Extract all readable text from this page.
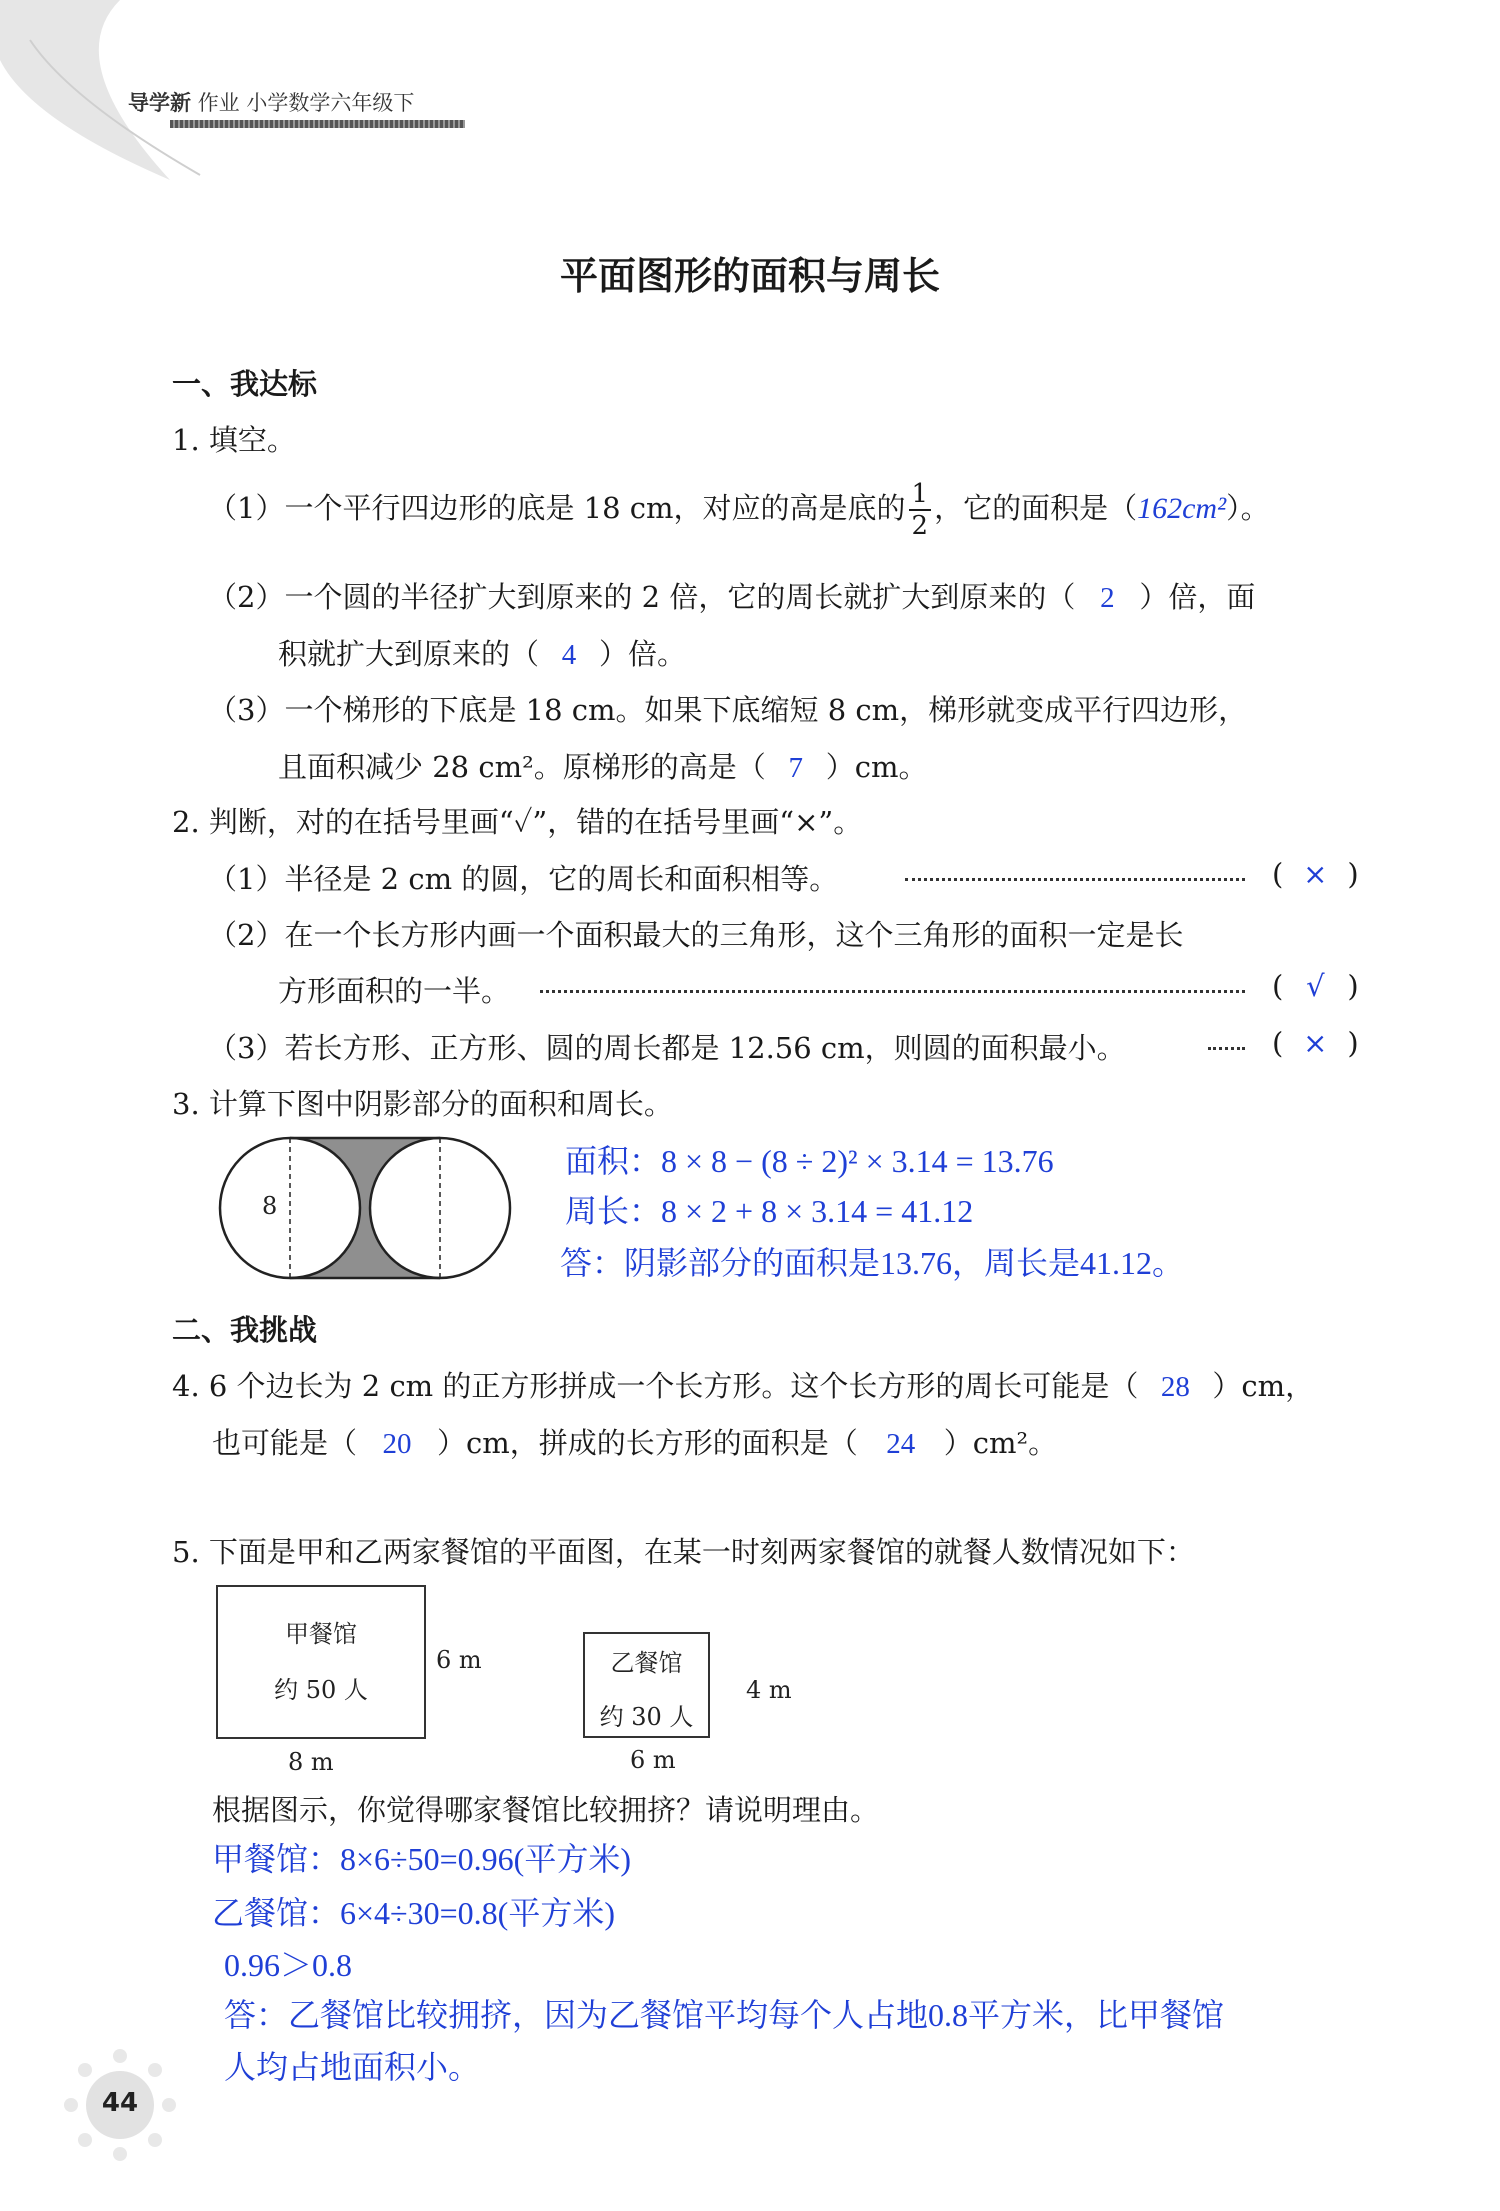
导学新 作业 小学数学六年级下
平面图形的面积与周长
一、我达标
1. 填空。
（1）一个平行四边形的底是 18 cm，对应的高是底的 $\frac{1}{2}$ ，它的面积是（162cm²）。
（2）一个圆的半径扩大到原来的 2 倍，它的周长就扩大到原来的（ 2 ）倍，面
积就扩大到原来的（ 4 ）倍。
（3）一个梯形的下底是 18 cm。如果下底缩短 8 cm，梯形就变成平行四边形，
且面积减少 28 cm²。原梯形的高是（ 7 ）cm。
2. 判断，对的在括号里画“✓”，错的在括号里画“×”。
（1）半径是 2 cm 的圆，它的周长和面积相等。	( × )
（2）在一个长方形内画一个面积最大的三角形，这个三角形的面积一定是长
方形面积的一半。	( √ )
（3）若长方形、正方形、圆的周长都是 12.56 cm，则圆的面积最小。	( × )
3. 计算下图中阴影部分的面积和周长。
8
面积：8 × 8 − (8 ÷ 2)² × 3.14 = 13.76
周长：8 × 2 + 8 × 3.14 = 41.12
答：阴影部分的面积是13.76，周长是41.12。
二、我挑战
4. 6 个边长为 2 cm 的正方形拼成一个长方形。这个长方形的周长可能是（ 28 ）cm，
也可能是（ 20 ）cm，拼成的长方形的面积是（ 24 ）cm²。
5. 下面是甲和乙两家餐馆的平面图，在某一时刻两家餐馆的就餐人数情况如下：
甲餐馆
约 50 人
6 m
8 m
乙餐馆
约 30 人
4 m
6 m
根据图示，你觉得哪家餐馆比较拥挤？请说明理由。
甲餐馆：8×6÷50=0.96(平方米)
乙餐馆：6×4÷30=0.8(平方米)
0.96＞0.8
答：乙餐馆比较拥挤，因为乙餐馆平均每个人占地0.8平方米，比甲餐馆
人均占地面积小。
44
